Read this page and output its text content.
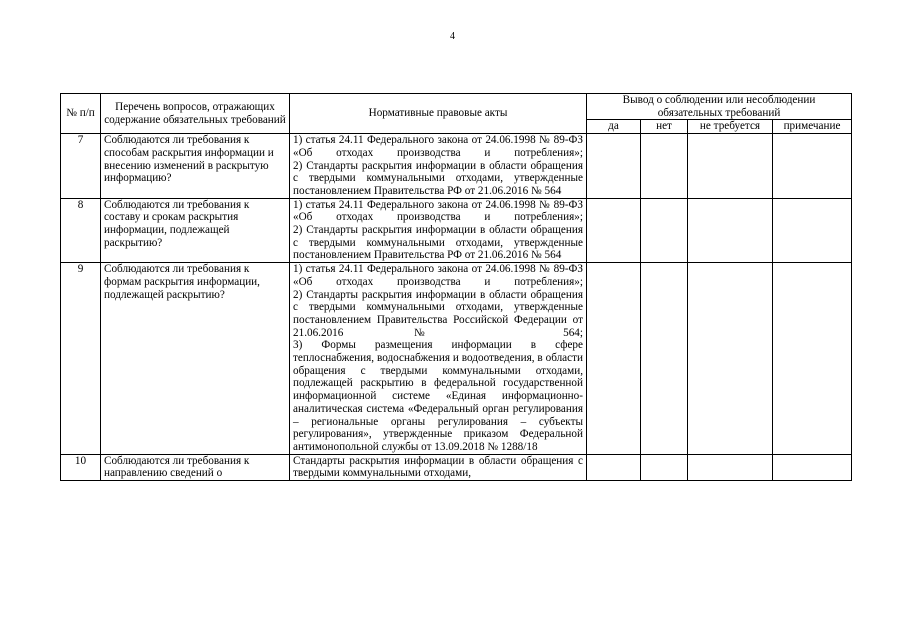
4
№ п/п	Перечень вопросов, отражающих содержание обязательных требований	Нормативные правовые акты	Вывод о соблюдении или несоблюдении обязательных требований			
			да	нет	не требуется	примечание
7	Соблюдаются ли требования к способам раскрытия информации и внесению изменений в раскрытую информацию?	1) статья 24.11 Федерального закона от 24.06.1998 № 89-ФЗ «Об отходах производства и потребления»;
2) Стандарты раскрытия информации в области обращения с твердыми коммунальными отходами, утвержденные постановлением Правительства РФ от 21.06.2016 № 564				

8	Соблюдаются ли требования к составу и срокам раскрытия информации, подлежащей раскрытию?	1) статья 24.11 Федерального закона от 24.06.1998 № 89-ФЗ «Об отходах производства и потребления»;
2) Стандарты раскрытия информации в области обращения с твердыми коммунальными отходами, утвержденные постановлением Правительства РФ от 21.06.2016 № 564				

9	Соблюдаются ли требования к формам раскрытия информации, подлежащей раскрытию?	1) статья 24.11 Федерального закона от 24.06.1998 № 89-ФЗ «Об отходах производства и потребления»;
2) Стандарты раскрытия информации в области обращения с твердыми коммунальными отходами, утвержденные постановлением Правительства Российской Федерации от 21.06.2016 № 564;
3) Формы размещения информации в сфере теплоснабжения, водоснабжения и водоотведения, в области обращения с твердыми коммунальными отходами, подлежащей раскрытию в федеральной государственной информационной системе «Единая информационно-аналитическая система «Федеральный орган регулирования – региональные органы регулирования – субъекты регулирования», утвержденные приказом Федеральной антимонопольной службы от 13.09.2018 № 1288/18				

10	Соблюдаются ли требования к направлению сведений о	Стандарты раскрытия информации в области обращения с твердыми коммунальными отходами,				
